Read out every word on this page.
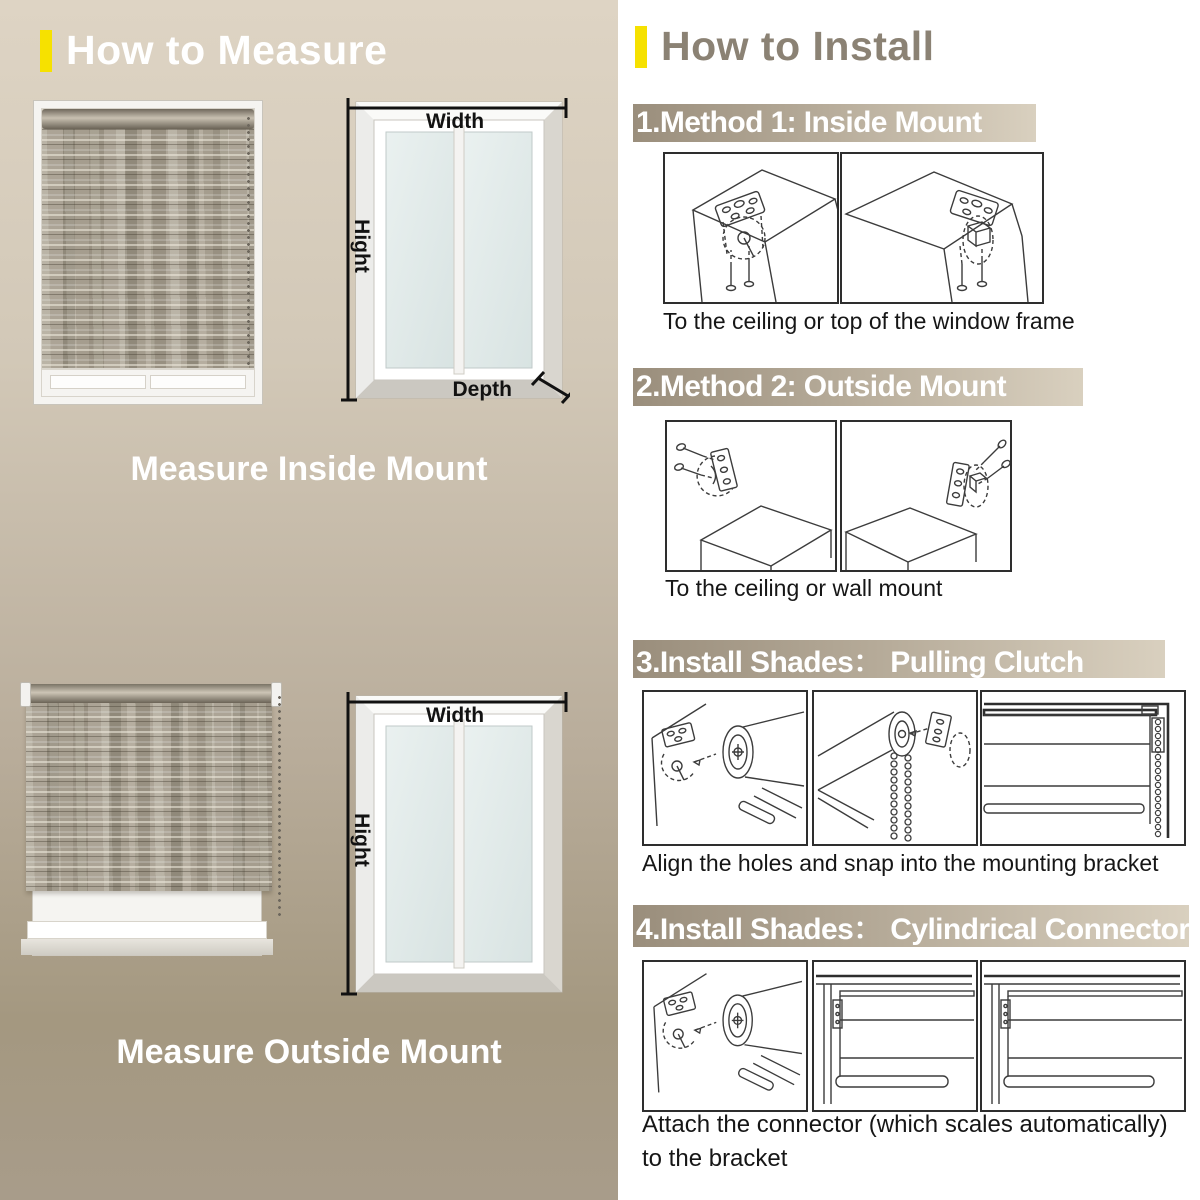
How to Measure
Width
Hight
Depth
Measure Inside Mount
Width
Hight
Measure Outside Mount
How to Install
1.Method 1: Inside Mount
To the ceiling or top of the window frame
2.Method 2: Outside Mount
To the ceiling or wall mount
3.Install Shades： Pulling Clutch
Align the holes and snap into the mounting bracket
4.Install Shades： Cylindrical Connector
Attach the connector (which scales automatically)
to the bracket
